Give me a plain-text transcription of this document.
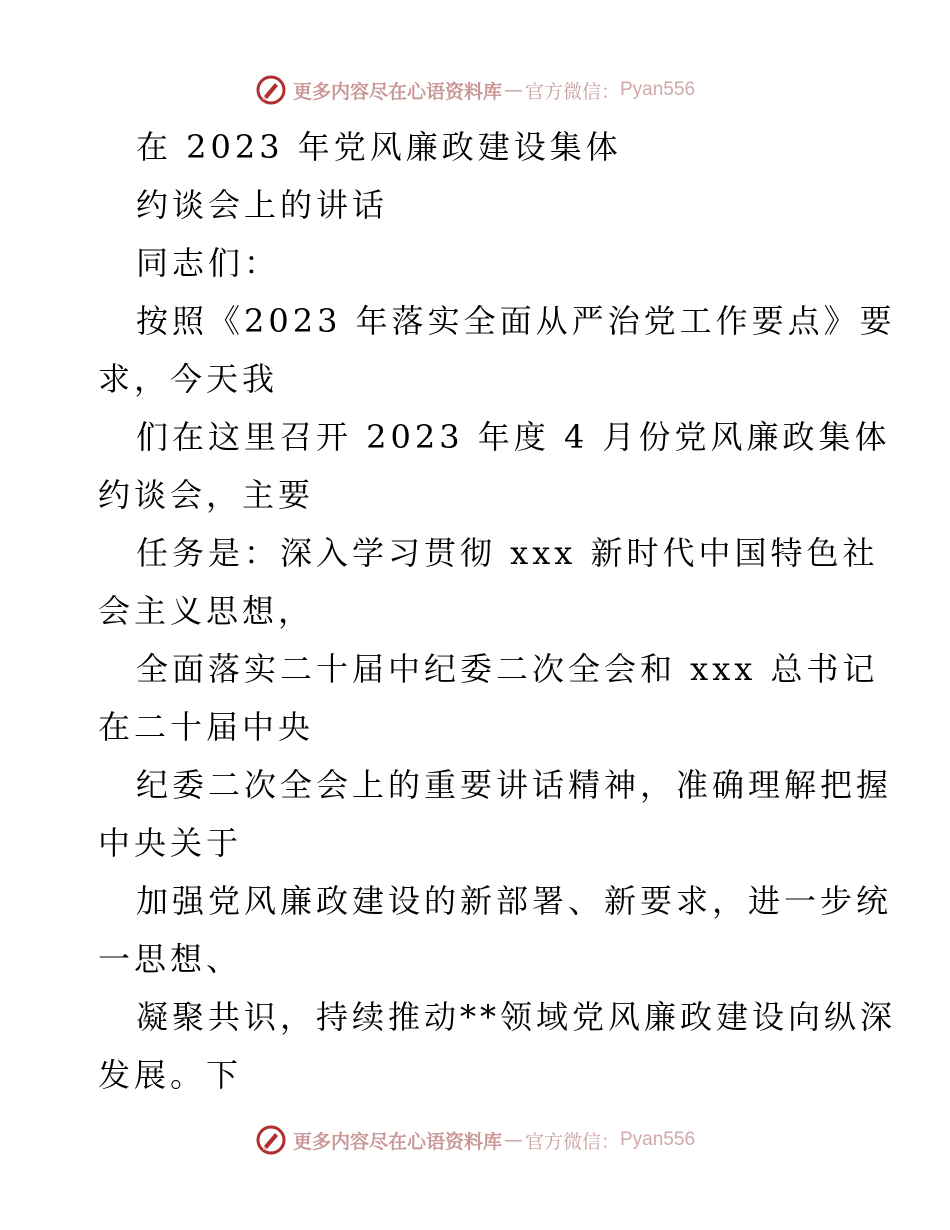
更多内容尽在心语资料库 — 官方微信： Pyan556
在 2023 年党风廉政建设集体
约谈会上的讲话
同志们：
按照《2023 年落实全面从严治党工作要点》要
求，今天我
们在这里召开 2023 年度 4 月份党风廉政集体
约谈会，主要
任务是：深入学习贯彻 xxx 新时代中国特色社
会主义思想，
全面落实二十届中纪委二次全会和 xxx 总书记
在二十届中央
纪委二次全会上的重要讲话精神，准确理解把握
中央关于
加强党风廉政建设的新部署、新要求，进一步统
一思想、
凝聚共识，持续推动**领域党风廉政建设向纵深
发展。下
更多内容尽在心语资料库 — 官方微信： Pyan556
